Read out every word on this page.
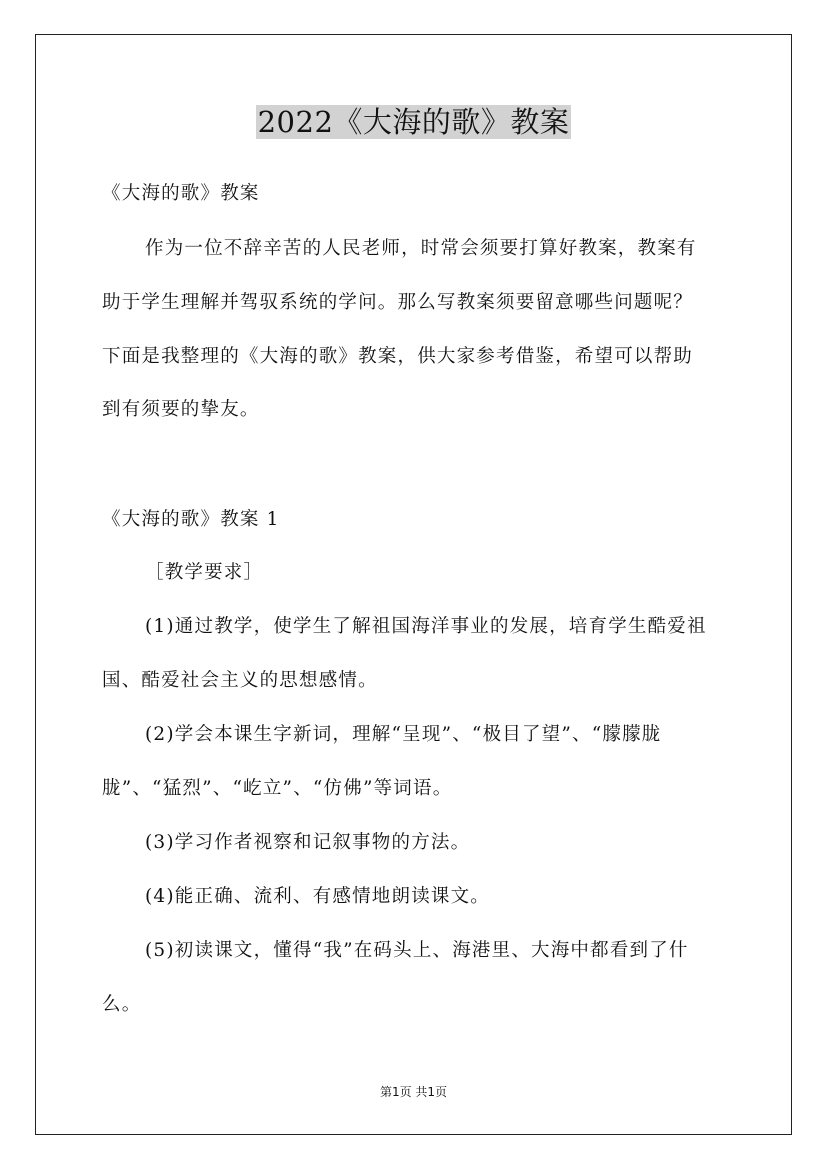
2022《大海的歌》教案
《大海的歌》教案
作为一位不辞辛苦的人民老师，时常会须要打算好教案，教案有
助于学生理解并驾驭系统的学问。那么写教案须要留意哪些问题呢？
下面是我整理的《大海的歌》教案，供大家参考借鉴，希望可以帮助
到有须要的挚友。
《大海的歌》教案 1
［教学要求］
(1)通过教学，使学生了解祖国海洋事业的发展，培育学生酷爱祖
国、酷爱社会主义的思想感情。
(2)学会本课生字新词，理解“呈现”、“极目了望”、“朦朦胧
胧”、“猛烈”、“屹立”、“仿佛”等词语。
(3)学习作者视察和记叙事物的方法。
(4)能正确、流利、有感情地朗读课文。
(5)初读课文，懂得“我”在码头上、海港里、大海中都看到了什
么。
第1页 共1页
